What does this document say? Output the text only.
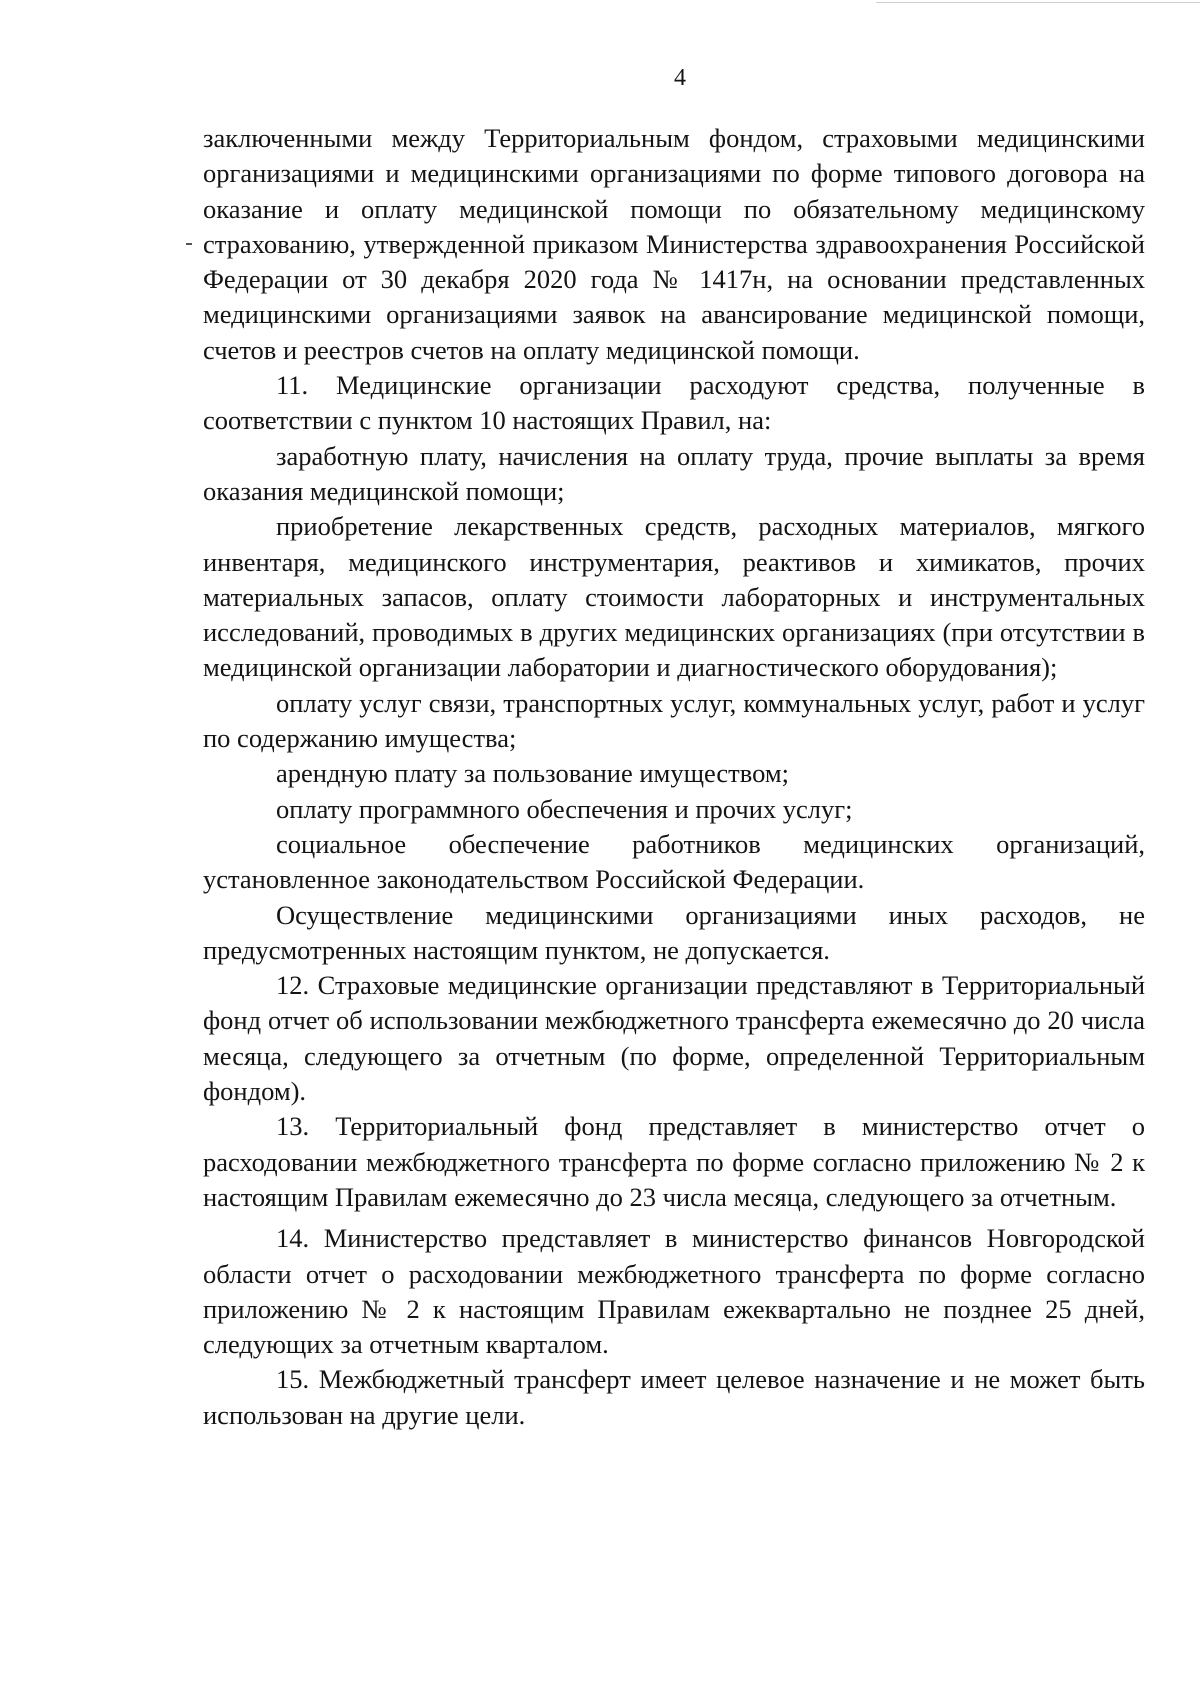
4

заключенными между Территориальным фондом, страховыми медицинскими организациями и медицинскими организациями по форме типового договора на оказание и оплату медицинской помощи по обязательному медицинскому страхованию, утвержденной приказом Министерства здравоохранения Российской Федерации от 30 декабря 2020 года № 1417н, на основании представленных медицинскими организациями заявок на авансирование медицинской помощи, счетов и реестров счетов на оплату медицинской помощи.

11. Медицинские организации расходуют средства, полученные в соответствии с пунктом 10 настоящих Правил, на:

заработную плату, начисления на оплату труда, прочие выплаты за время оказания медицинской помощи;

приобретение лекарственных средств, расходных материалов, мягкого инвентаря, медицинского инструментария, реактивов и химикатов, прочих материальных запасов, оплату стоимости лабораторных и инструментальных исследований, проводимых в других медицинских организациях (при отсутствии в медицинской организации лаборатории и диагностического оборудования);

оплату услуг связи, транспортных услуг, коммунальных услуг, работ и услуг по содержанию имущества;

арендную плату за пользование имуществом;

оплату программного обеспечения и прочих услуг;

социальное обеспечение работников медицинских организаций, установленное законодательством Российской Федерации.

Осуществление медицинскими организациями иных расходов, не предусмотренных настоящим пунктом, не допускается.

12. Страховые медицинские организации представляют в Территориальный фонд отчет об использовании межбюджетного трансферта ежемесячно до 20 числа месяца, следующего за отчетным (по форме, определенной Территориальным фондом).

13. Территориальный фонд представляет в министерство отчет о расходовании межбюджетного трансферта по форме согласно приложению № 2 к настоящим Правилам ежемесячно до 23 числа месяца, следующего за отчетным.

14. Министерство представляет в министерство финансов Новгородской области отчет о расходовании межбюджетного трансферта по форме согласно приложению № 2 к настоящим Правилам ежеквартально не позднее 25 дней, следующих за отчетным кварталом.

15. Межбюджетный трансферт имеет целевое назначение и не может быть использован на другие цели.
